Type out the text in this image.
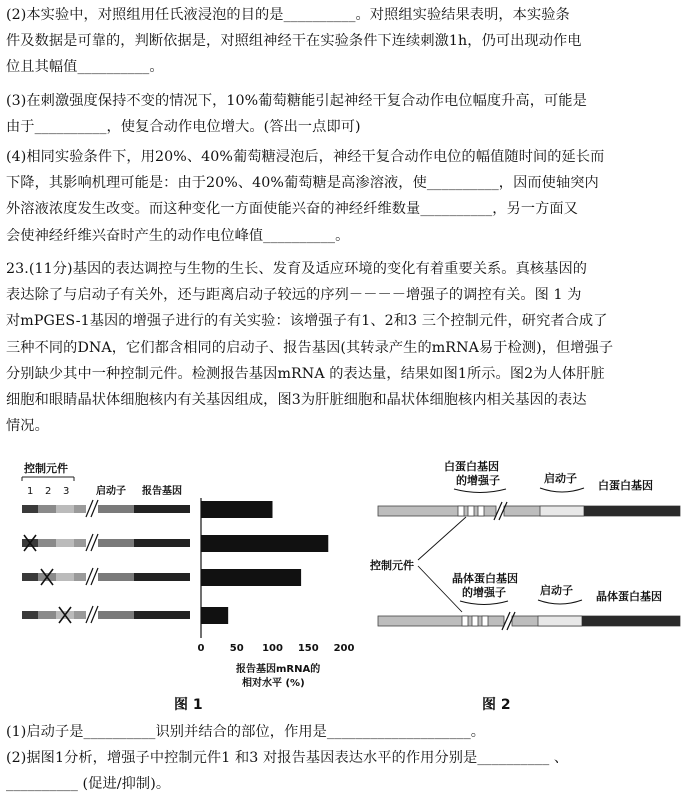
(2)本实验中，对照组用任氏液浸泡的目的是__________。对照组实验结果表明，本实验条
件及数据是可靠的，判断依据是，对照组神经干在实验条件下连续刺激1h，仍可出现动作电
位且其幅值__________。
(3)在刺激强度保持不变的情况下，10%葡萄糖能引起神经干复合动作电位幅度升高，可能是
由于__________，使复合动作电位增大。(答出一点即可)
(4)相同实验条件下，用20%、40%葡萄糖浸泡后，神经干复合动作电位的幅值随时间的延长而
下降，其影响机理可能是：由于20%、40%葡萄糖是高渗溶液，使__________，因而使轴突内
外溶液浓度发生改变。而这种变化一方面使能兴奋的神经纤维数量__________，另一方面又
会使神经纤维兴奋时产生的动作电位峰值__________。
23.(11分)基因的表达调控与生物的生长、发育及适应环境的变化有着重要关系。真核基因的
表达除了与启动子有关外，还与距离启动子较远的序列－－－－增强子的调控有关。图 1 为
对mPGES-1基因的增强子进行的有关实验：该增强子有1、2和3 三个控制元件，研究者合成了
三种不同的DNA，它们都含相同的启动子、报告基因(其转录产生的mRNA易于检测)，但增强子
分别缺少其中一种控制元件。检测报告基因mRNA 的表达量，结果如图1所示。图2为人体肝脏
细胞和眼睛晶状体细胞核内有关基因组成，图3为肝脏细胞和晶状体细胞核内相关基因的表达
情况。
控制元件
1 2 3	启动子 报告基因
0	50 100 150 200
报告基因mRNA的
相对水平 (%)
图 1
白蛋白基因
的增强子	启动子
白蛋白基因
控制元件
晶体蛋白基因
的增强子	启动子 晶体蛋白基因
图 2
(1)启动子是__________识别并结合的部位，作用是____________________。
(2)据图1分析，增强子中控制元件1 和3 对报告基因表达水平的作用分别是__________ 、
__________ (促进/抑制)。
